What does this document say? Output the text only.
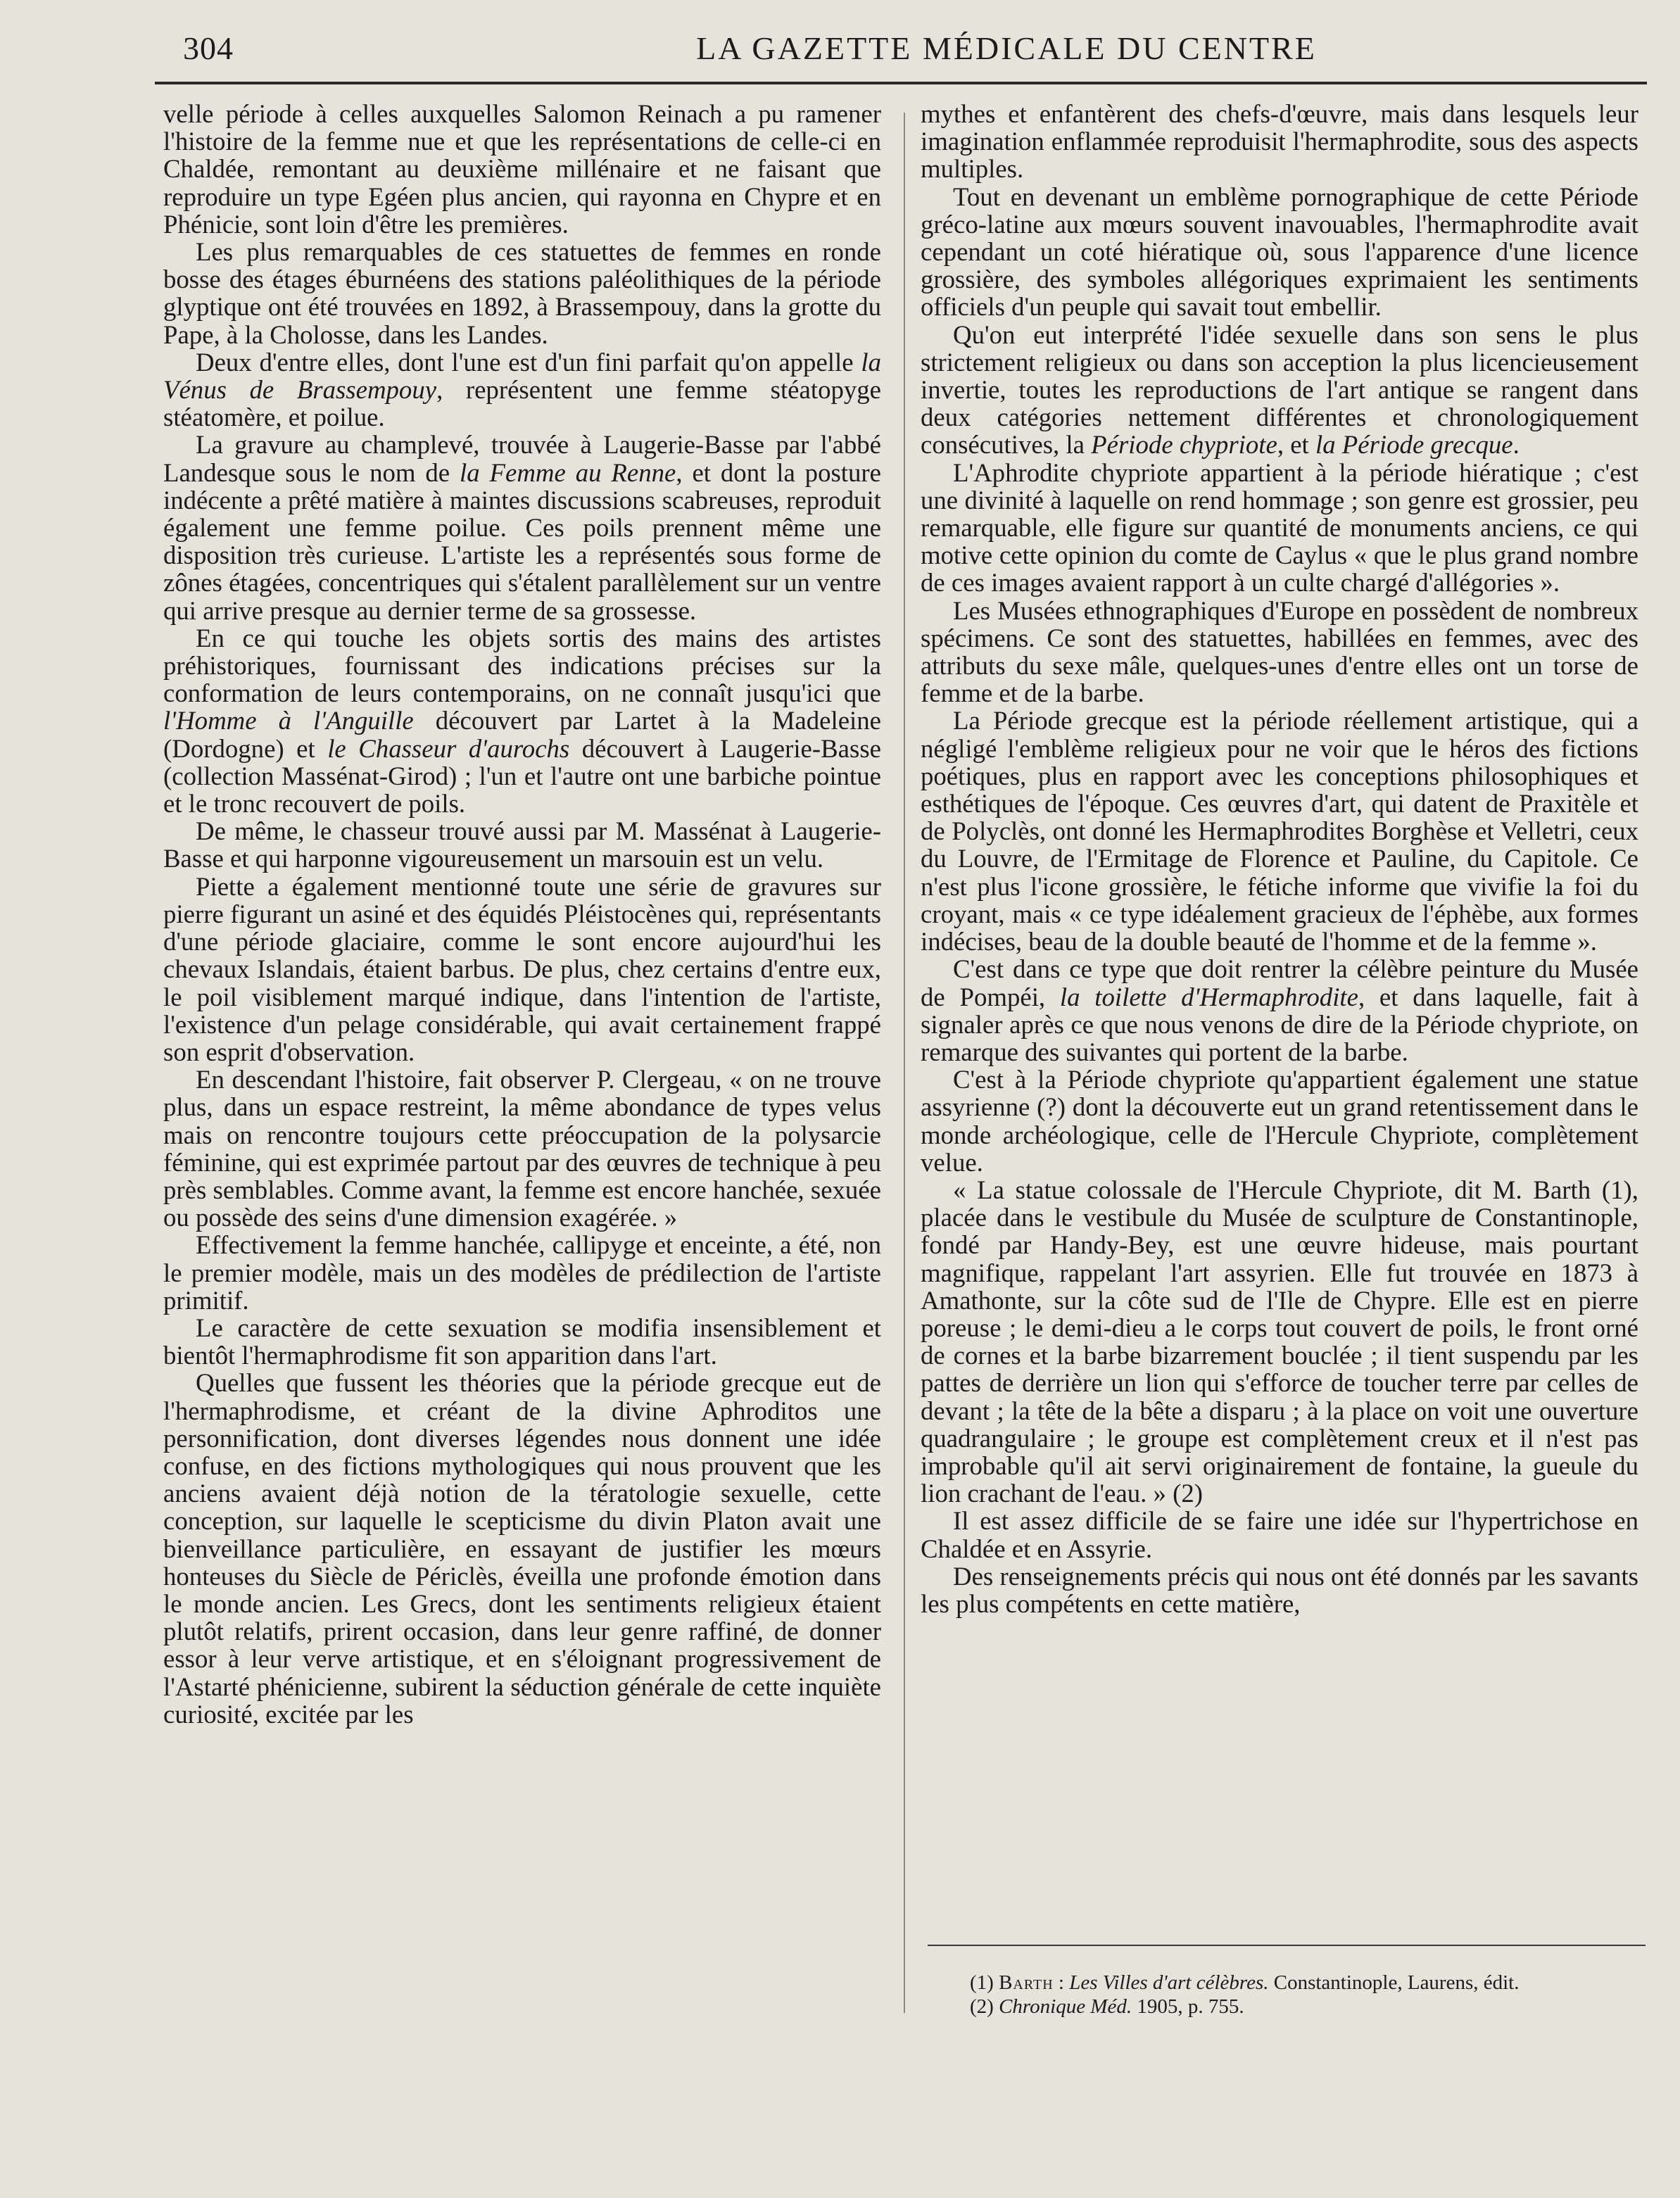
304	LA GAZETTE MÉDICALE DU CENTRE

velle période à celles auxquelles Salomon Reinach a pu ramener l'histoire de la femme nue et que les représentations de celle-ci en Chaldée, remontant au deuxième millénaire et ne faisant que reproduire un type Egéen plus ancien, qui rayonna en Chypre et en Phénicie, sont loin d'être les premières.

Les plus remarquables de ces statuettes de femmes en ronde bosse des étages éburnéens des stations paléolithiques de la période glyptique ont été trouvées en 1892, à Brassempouy, dans la grotte du Pape, à la Cholosse, dans les Landes.

Deux d'entre elles, dont l'une est d'un fini parfait qu'on appelle la Vénus de Brassempouy, représentent une femme stéatopyge stéatomère, et poilue.

La gravure au champlevé, trouvée à Laugerie-Basse par l'abbé Landesque sous le nom de la Femme au Renne, et dont la posture indécente a prêté matière à maintes discussions scabreuses, reproduit également une femme poilue. Ces poils prennent même une disposition très curieuse. L'artiste les a représentés sous forme de zônes étagées, concentriques qui s'étalent parallèlement sur un ventre qui arrive presque au dernier terme de sa grossesse.

En ce qui touche les objets sortis des mains des artistes préhistoriques, fournissant des indications précises sur la conformation de leurs contemporains, on ne connaît jusqu'ici que l'Homme à l'Anguille découvert par Lartet à la Madeleine (Dordogne) et le Chasseur d'aurochs découvert à Laugerie-Basse (collection Massénat-Girod) ; l'un et l'autre ont une barbiche pointue et le tronc recouvert de poils.

De même, le chasseur trouvé aussi par M. Massénat à Laugerie-Basse et qui harponne vigoureusement un marsouin est un velu.

Piette a également mentionné toute une série de gravures sur pierre figurant un asiné et des équidés Pléistocènes qui, représentants d'une période glaciaire, comme le sont encore aujourd'hui les chevaux Islandais, étaient barbus. De plus, chez certains d'entre eux, le poil visiblement marqué indique, dans l'intention de l'artiste, l'existence d'un pelage considérable, qui avait certainement frappé son esprit d'observation.

En descendant l'histoire, fait observer P. Clergeau, « on ne trouve plus, dans un espace restreint, la même abondance de types velus mais on rencontre toujours cette préoccupation de la polysarcie féminine, qui est exprimée partout par des œuvres de technique à peu près semblables. Comme avant, la femme est encore hanchée, sexuée ou possède des seins d'une dimension exagérée. »

Effectivement la femme hanchée, callipyge et enceinte, a été, non le premier modèle, mais un des modèles de prédilection de l'artiste primitif.

Le caractère de cette sexuation se modifia insensiblement et bientôt l'hermaphrodisme fit son apparition dans l'art.

Quelles que fussent les théories que la période grecque eut de l'hermaphrodisme, et créant de la divine Aphroditos une personnification, dont diverses légendes nous donnent une idée confuse, en des fictions mythologiques qui nous prouvent que les anciens avaient déjà notion de la tératologie sexuelle, cette conception, sur laquelle le scepticisme du divin Platon avait une bienveillance particulière, en essayant de justifier les mœurs honteuses du Siècle de Périclès, éveilla une profonde émotion dans le monde ancien. Les Grecs, dont les sentiments religieux étaient plutôt relatifs, prirent occasion, dans leur genre raffiné, de donner essor à leur verve artistique, et en s'éloignant progressivement de l'Astarté phénicienne, subirent la séduction générale de cette inquiète curiosité, excitée par les

mythes et enfantèrent des chefs-d'œuvre, mais dans lesquels leur imagination enflammée reproduisit l'hermaphrodite, sous des aspects multiples.

Tout en devenant un emblème pornographique de cette Période gréco-latine aux mœurs souvent inavouables, l'hermaphrodite avait cependant un coté hiératique où, sous l'apparence d'une licence grossière, des symboles allégoriques exprimaient les sentiments officiels d'un peuple qui savait tout embellir.

Qu'on eut interprété l'idée sexuelle dans son sens le plus strictement religieux ou dans son acception la plus licencieusement invertie, toutes les reproductions de l'art antique se rangent dans deux catégories nettement différentes et chronologiquement consécutives, la Période chypriote, et la Période grecque.

L'Aphrodite chypriote appartient à la période hiératique ; c'est une divinité à laquelle on rend hommage ; son genre est grossier, peu remarquable, elle figure sur quantité de monuments anciens, ce qui motive cette opinion du comte de Caylus « que le plus grand nombre de ces images avaient rapport à un culte chargé d'allégories ».

Les Musées ethnographiques d'Europe en possèdent de nombreux spécimens. Ce sont des statuettes, habillées en femmes, avec des attributs du sexe mâle, quelques-unes d'entre elles ont un torse de femme et de la barbe.

La Période grecque est la période réellement artistique, qui a négligé l'emblème religieux pour ne voir que le héros des fictions poétiques, plus en rapport avec les conceptions philosophiques et esthétiques de l'époque. Ces œuvres d'art, qui datent de Praxitèle et de Polyclès, ont donné les Hermaphrodites Borghèse et Velletri, ceux du Louvre, de l'Ermitage de Florence et Pauline, du Capitole. Ce n'est plus l'icone grossière, le fétiche informe que vivifie la foi du croyant, mais « ce type idéalement gracieux de l'éphèbe, aux formes indécises, beau de la double beauté de l'homme et de la femme ».

C'est dans ce type que doit rentrer la célèbre peinture du Musée de Pompéi, la toilette d'Hermaphrodite, et dans laquelle, fait à signaler après ce que nous venons de dire de la Période chypriote, on remarque des suivantes qui portent de la barbe.

C'est à la Période chypriote qu'appartient également une statue assyrienne (?) dont la découverte eut un grand retentissement dans le monde archéologique, celle de l'Hercule Chypriote, complètement velue.

« La statue colossale de l'Hercule Chypriote, dit M. Barth (1), placée dans le vestibule du Musée de sculpture de Constantinople, fondé par Handy-Bey, est une œuvre hideuse, mais pourtant magnifique, rappelant l'art assyrien. Elle fut trouvée en 1873 à Amathonte, sur la côte sud de l'Ile de Chypre. Elle est en pierre poreuse ; le demi-dieu a le corps tout couvert de poils, le front orné de cornes et la barbe bizarrement bouclée ; il tient suspendu par les pattes de derrière un lion qui s'efforce de toucher terre par celles de devant ; la tête de la bête a disparu ; à la place on voit une ouverture quadrangulaire ; le groupe est complètement creux et il n'est pas improbable qu'il ait servi originairement de fontaine, la gueule du lion crachant de l'eau. » (2)

Il est assez difficile de se faire une idée sur l'hypertrichose en Chaldée et en Assyrie.

Des renseignements précis qui nous ont été donnés par les savants les plus compétents en cette matière,

(1) Barth : Les Villes d'art célèbres. Constantinople, Laurens, édit.

(2) Chronique Méd. 1905, p. 755.
